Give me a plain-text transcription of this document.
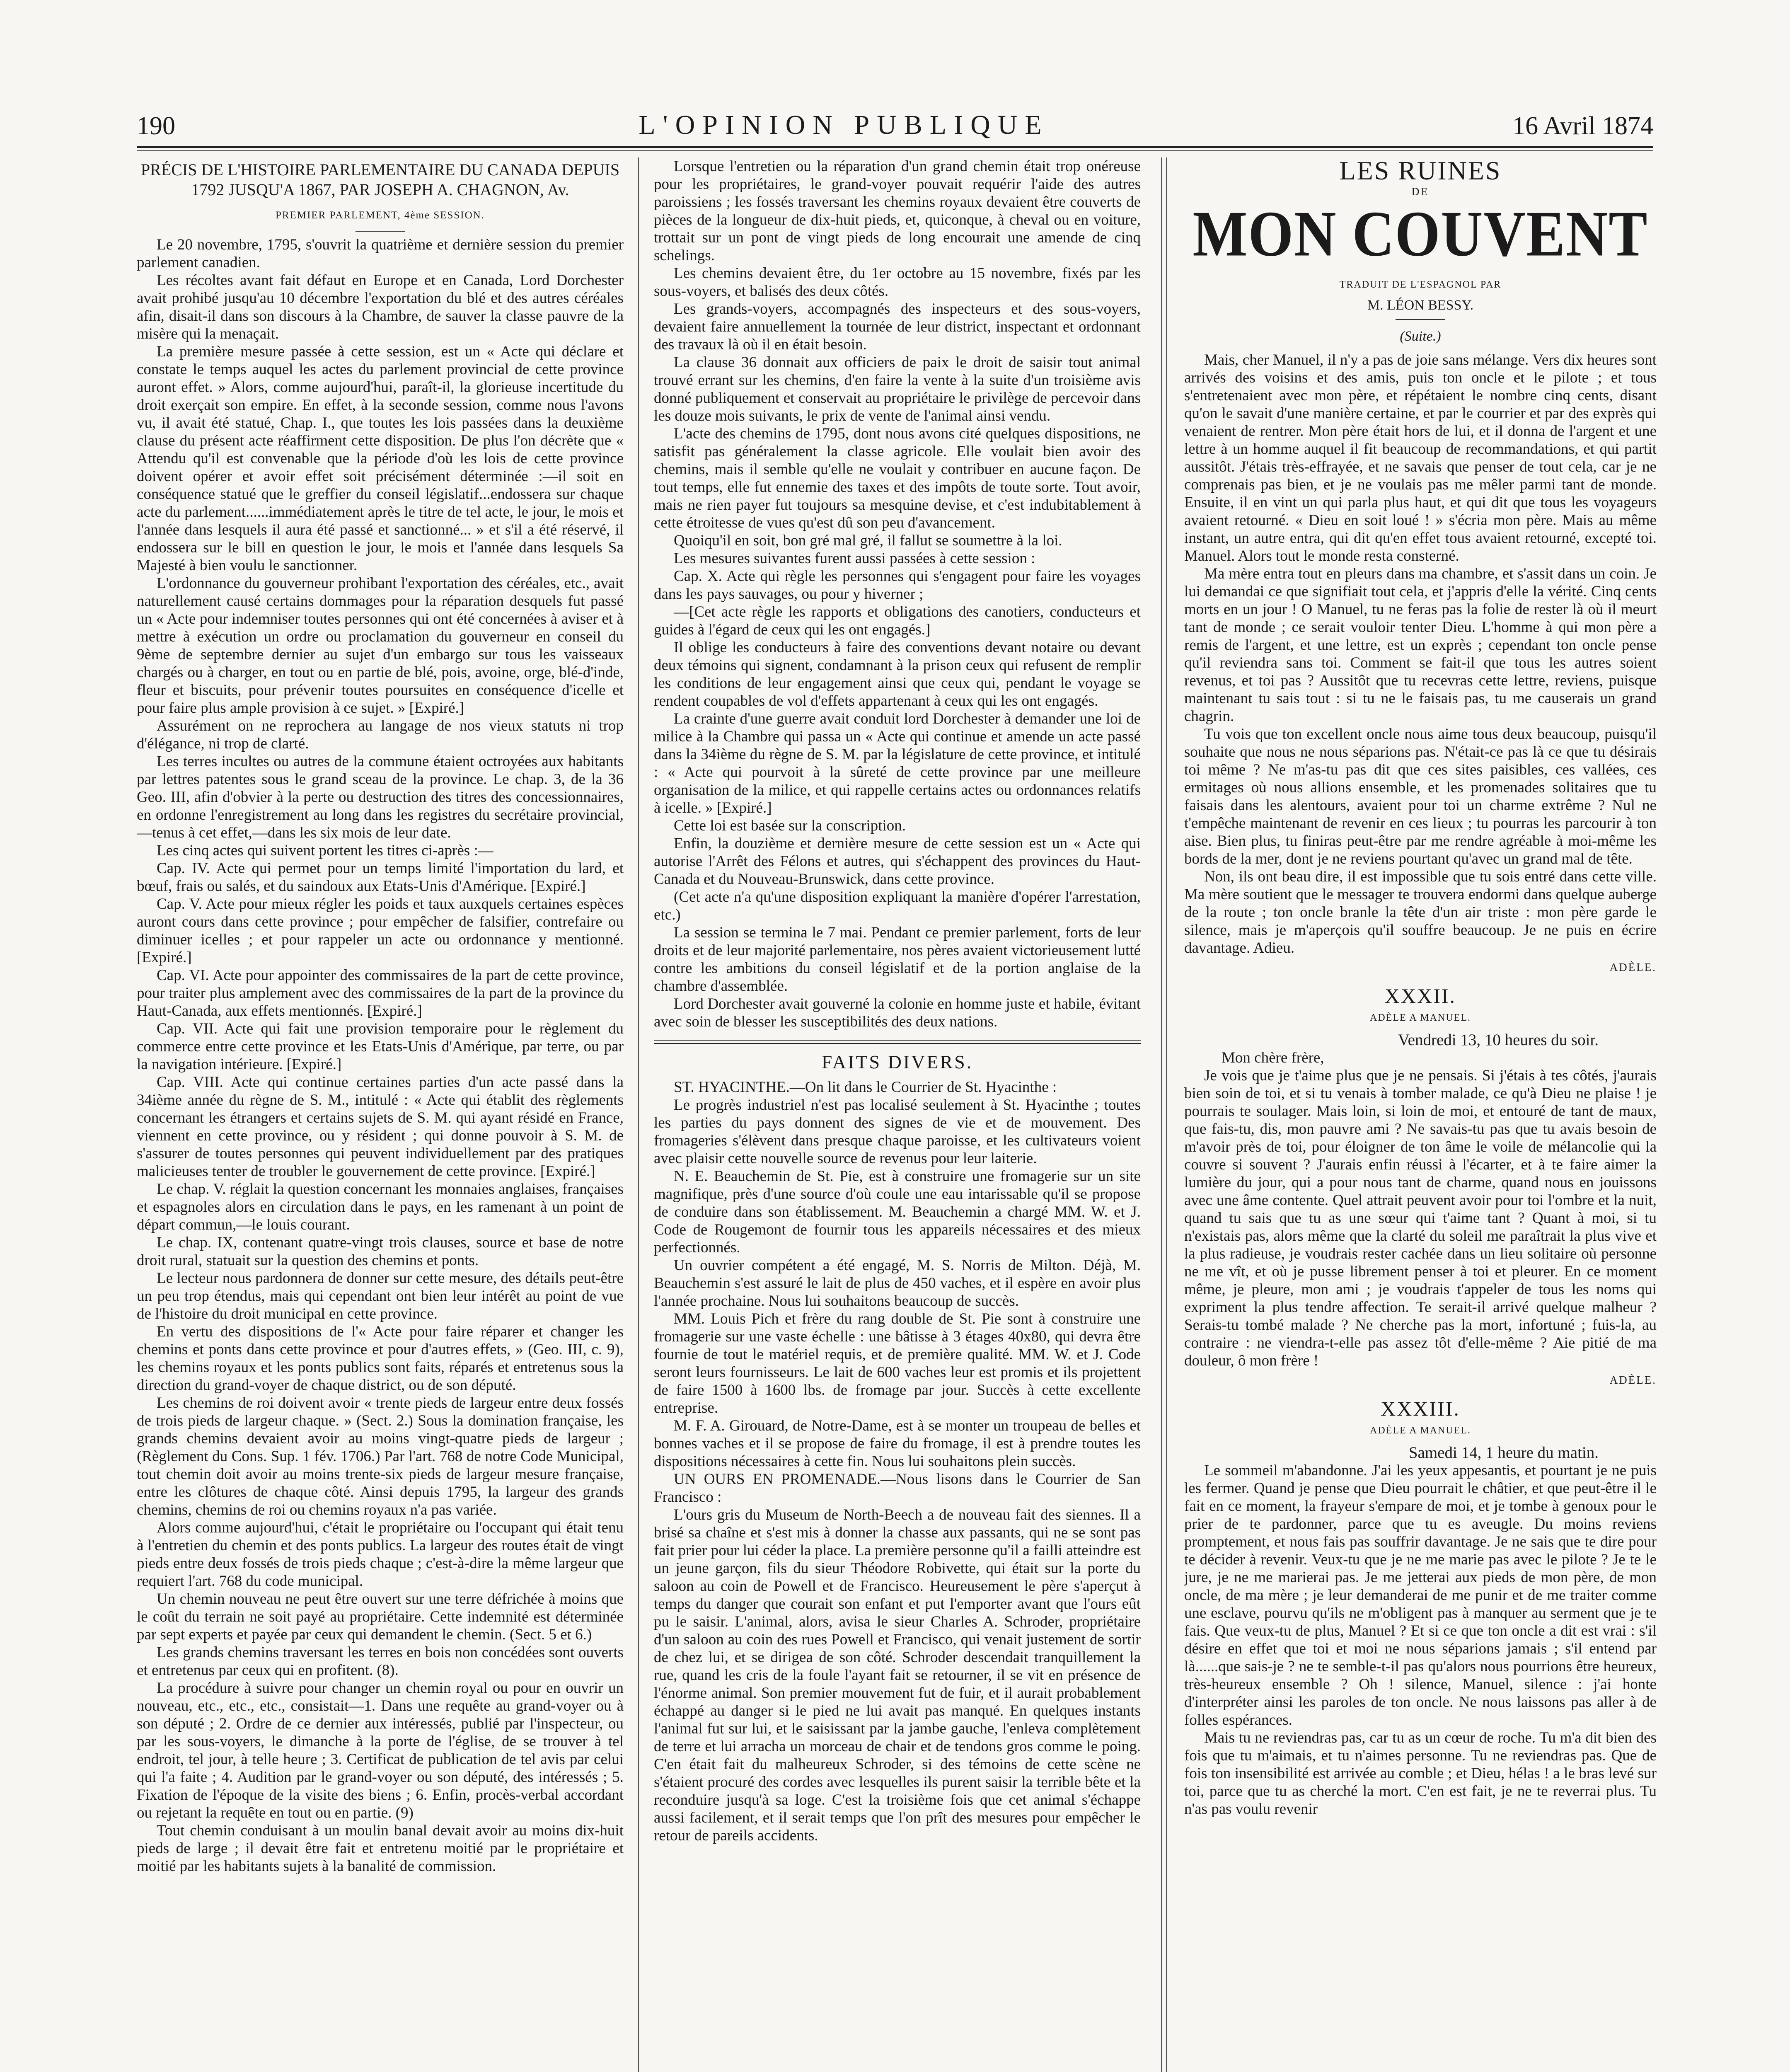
190	L'OPINION PUBLIQUE	16 Avril 1874
PRÉCIS DE L'HISTOIRE PARLEMENTAIRE DU CANADA DEPUIS 1792 JUSQU'A 1867, PAR JOSEPH A. CHAGNON, Av.
PREMIER PARLEMENT, 4ème SESSION.

Le 20 novembre, 1795, s'ouvrit la quatrième et dernière session du premier parlement canadien.

Les récoltes avant fait défaut en Europe et en Canada, Lord Dorchester avait prohibé jusqu'au 10 décembre l'exportation du blé et des autres céréales afin, disait-il dans son discours à la Chambre, de sauver la classe pauvre de la misère qui la menaçait.

La première mesure passée à cette session, est un « Acte qui déclare et constate le temps auquel les actes du parlement provincial de cette province auront effet. » Alors, comme aujourd'hui, paraît-il, la glorieuse incertitude du droit exerçait son empire. En effet, à la seconde session, comme nous l'avons vu, il avait été statué, Chap. I., que toutes les lois passées dans la deuxième clause du présent acte réaffirment cette disposition. De plus l'on décrète que « Attendu qu'il est convenable que la période d'où les lois de cette province doivent opérer et avoir effet soit précisément déterminée :—il soit en conséquence statué que le greffier du conseil législatif...endossera sur chaque acte du parlement......immédiatement après le titre de tel acte, le jour, le mois et l'année dans lesquels il aura été passé et sanctionné... » et s'il a été réservé, il endossera sur le bill en question le jour, le mois et l'année dans lesquels Sa Majesté à bien voulu le sanctionner.

L'ordonnance du gouverneur prohibant l'exportation des céréales, etc., avait naturellement causé certains dommages pour la réparation desquels fut passé un « Acte pour indemniser toutes personnes qui ont été concernées à aviser et à mettre à exécution un ordre ou proclamation du gouverneur en conseil du 9ème de septembre dernier au sujet d'un embargo sur tous les vaisseaux chargés ou à charger, en tout ou en partie de blé, pois, avoine, orge, blé-d'inde, fleur et biscuits, pour prévenir toutes poursuites en conséquence d'icelle et pour faire plus ample provision à ce sujet. » [Expiré.]

Assurément on ne reprochera au langage de nos vieux statuts ni trop d'élégance, ni trop de clarté.

Les terres incultes ou autres de la commune étaient octroyées aux habitants par lettres patentes sous le grand sceau de la province. Le chap. 3, de la 36 Geo. III, afin d'obvier à la perte ou destruction des titres des concessionnaires, en ordonne l'enregistrement au long dans les registres du secrétaire provincial,—tenus à cet effet,—dans les six mois de leur date.

Les cinq actes qui suivent portent les titres ci-après :—

Cap. IV. Acte qui permet pour un temps limité l'importation du lard, et bœuf, frais ou salés, et du saindoux aux Etats-Unis d'Amérique. [Expiré.]

Cap. V. Acte pour mieux régler les poids et taux auxquels certaines espèces auront cours dans cette province ; pour empêcher de falsifier, contrefaire ou diminuer icelles ; et pour rappeler un acte ou ordonnance y mentionné. [Expiré.]

Cap. VI. Acte pour appointer des commissaires de la part de cette province, pour traiter plus amplement avec des commissaires de la part de la province du Haut-Canada, aux effets mentionnés. [Expiré.]

Cap. VII. Acte qui fait une provision temporaire pour le règlement du commerce entre cette province et les Etats-Unis d'Amérique, par terre, ou par la navigation intérieure. [Expiré.]

Cap. VIII. Acte qui continue certaines parties d'un acte passé dans la 34ième année du règne de S. M., intitulé : « Acte qui établit des règlements concernant les étrangers et certains sujets de S. M. qui ayant résidé en France, viennent en cette province, ou y résident ; qui donne pouvoir à S. M. de s'assurer de toutes personnes qui peuvent individuellement par des pratiques malicieuses tenter de troubler le gouvernement de cette province. [Expiré.]

Le chap. V. réglait la question concernant les monnaies anglaises, françaises et espagnoles alors en circulation dans le pays, en les ramenant à un point de départ commun,—le louis courant.

Le chap. IX, contenant quatre-vingt trois clauses, source et base de notre droit rural, statuait sur la question des chemins et ponts.

Le lecteur nous pardonnera de donner sur cette mesure, des détails peut-être un peu trop étendus, mais qui cependant ont bien leur intérêt au point de vue de l'histoire du droit municipal en cette province.

En vertu des dispositions de l'« Acte pour faire réparer et changer les chemins et ponts dans cette province et pour d'autres effets, » (Geo. III, c. 9), les chemins royaux et les ponts publics sont faits, réparés et entretenus sous la direction du grand-voyer de chaque district, ou de son député.

Les chemins de roi doivent avoir « trente pieds de largeur entre deux fossés de trois pieds de largeur chaque. » (Sect. 2.) Sous la domination française, les grands chemins devaient avoir au moins vingt-quatre pieds de largeur ; (Règlement du Cons. Sup. 1 fév. 1706.) Par l'art. 768 de notre Code Municipal, tout chemin doit avoir au moins trente-six pieds de largeur mesure française, entre les clôtures de chaque côté. Ainsi depuis 1795, la largeur des grands chemins, chemins de roi ou chemins royaux n'a pas variée.

Alors comme aujourd'hui, c'était le propriétaire ou l'occupant qui était tenu à l'entretien du chemin et des ponts publics. La largeur des routes était de vingt pieds entre deux fossés de trois pieds chaque ; c'est-à-dire la même largeur que requiert l'art. 768 du code municipal.

Un chemin nouveau ne peut être ouvert sur une terre défrichée à moins que le coût du terrain ne soit payé au propriétaire. Cette indemnité est déterminée par sept experts et payée par ceux qui demandent le chemin. (Sect. 5 et 6.)

Les grands chemins traversant les terres en bois non concédées sont ouverts et entretenus par ceux qui en profitent. (8).

La procédure à suivre pour changer un chemin royal ou pour en ouvrir un nouveau, etc., etc., etc., consistait—1. Dans une requête au grand-voyer ou à son député ; 2. Ordre de ce dernier aux intéressés, publié par l'inspecteur, ou par les sous-voyers, le dimanche à la porte de l'église, de se trouver à tel endroit, tel jour, à telle heure ; 3. Certificat de publication de tel avis par celui qui l'a faite ; 4. Audition par le grand-voyer ou son député, des intéressés ; 5. Fixation de l'époque de la visite des biens ; 6. Enfin, procès-verbal accordant ou rejetant la requête en tout ou en partie. (9)

Tout chemin conduisant à un moulin banal devait avoir au moins dix-huit pieds de large ; il devait être fait et entretenu moitié par le propriétaire et moitié par les habitants sujets à la banalité de commission.

Lorsque l'entretien ou la réparation d'un grand chemin était trop onéreuse pour les propriétaires, le grand-voyer pouvait requérir l'aide des autres paroissiens ; les fossés traversant les chemins royaux devaient être couverts de pièces de la longueur de dix-huit pieds, et, quiconque, à cheval ou en voiture, trottait sur un pont de vingt pieds de long encourait une amende de cinq schelings.

Les chemins devaient être, du 1er octobre au 15 novembre, fixés par les sous-voyers, et balisés des deux côtés.

Les grands-voyers, accompagnés des inspecteurs et des sous-voyers, devaient faire annuellement la tournée de leur district, inspectant et ordonnant des travaux là où il en était besoin.

La clause 36 donnait aux officiers de paix le droit de saisir tout animal trouvé errant sur les chemins, d'en faire la vente à la suite d'un troisième avis donné publiquement et conservait au propriétaire le privilège de percevoir dans les douze mois suivants, le prix de vente de l'animal ainsi vendu.

L'acte des chemins de 1795, dont nous avons cité quelques dispositions, ne satisfit pas généralement la classe agricole. Elle voulait bien avoir des chemins, mais il semble qu'elle ne voulait y contribuer en aucune façon. De tout temps, elle fut ennemie des taxes et des impôts de toute sorte. Tout avoir, mais ne rien payer fut toujours sa mesquine devise, et c'est indubitablement à cette étroitesse de vues qu'est dû son peu d'avancement.

Quoiqu'il en soit, bon gré mal gré, il fallut se soumettre à la loi.

Les mesures suivantes furent aussi passées à cette session :

Cap. X. Acte qui règle les personnes qui s'engagent pour faire les voyages dans les pays sauvages, ou pour y hiverner ;

—[Cet acte règle les rapports et obligations des canotiers, conducteurs et guides à l'égard de ceux qui les ont engagés.]

Il oblige les conducteurs à faire des conventions devant notaire ou devant deux témoins qui signent, condamnant à la prison ceux qui refusent de remplir les conditions de leur engagement ainsi que ceux qui, pendant le voyage se rendent coupables de vol d'effets appartenant à ceux qui les ont engagés.

La crainte d'une guerre avait conduit lord Dorchester à demander une loi de milice à la Chambre qui passa un « Acte qui continue et amende un acte passé dans la 34ième du règne de S. M. par la législature de cette province, et intitulé : « Acte qui pourvoit à la sûreté de cette province par une meilleure organisation de la milice, et qui rappelle certains actes ou ordonnances relatifs à icelle. » [Expiré.]

Cette loi est basée sur la conscription.

Enfin, la douzième et dernière mesure de cette session est un « Acte qui autorise l'Arrêt des Félons et autres, qui s'échappent des provinces du Haut-Canada et du Nouveau-Brunswick, dans cette province.

(Cet acte n'a qu'une disposition expliquant la manière d'opérer l'arrestation, etc.)

La session se termina le 7 mai. Pendant ce premier parlement, forts de leur droits et de leur majorité parlementaire, nos pères avaient victorieusement lutté contre les ambitions du conseil législatif et de la portion anglaise de la chambre d'assemblée.

Lord Dorchester avait gouverné la colonie en homme juste et habile, évitant avec soin de blesser les susceptibilités des deux nations.

FAITS DIVERS.

ST. HYACINTHE.—On lit dans le Courrier de St. Hyacinthe :

Le progrès industriel n'est pas localisé seulement à St. Hyacinthe ; toutes les parties du pays donnent des signes de vie et de mouvement. Des fromageries s'élèvent dans presque chaque paroisse, et les cultivateurs voient avec plaisir cette nouvelle source de revenus pour leur laiterie.

N. E. Beauchemin de St. Pie, est à construire une fromagerie sur un site magnifique, près d'une source d'où coule une eau intarissable qu'il se propose de conduire dans son établissement. M. Beauchemin a chargé MM. W. et J. Code de Rougemont de fournir tous les appareils nécessaires et des mieux perfectionnés.

Un ouvrier compétent a été engagé, M. S. Norris de Milton. Déjà, M. Beauchemin s'est assuré le lait de plus de 450 vaches, et il espère en avoir plus l'année prochaine. Nous lui souhaitons beaucoup de succès.

MM. Louis Pich et frère du rang double de St. Pie sont à construire une fromagerie sur une vaste échelle : une bâtisse à 3 étages 40x80, qui devra être fournie de tout le matériel requis, et de première qualité. MM. W. et J. Code seront leurs fournisseurs. Le lait de 600 vaches leur est promis et ils projettent de faire 1500 à 1600 lbs. de fromage par jour. Succès à cette excellente entreprise.

M. F. A. Girouard, de Notre-Dame, est à se monter un troupeau de belles et bonnes vaches et il se propose de faire du fromage, il est à prendre toutes les dispositions nécessaires à cette fin. Nous lui souhaitons plein succès.

UN OURS EN PROMENADE.—Nous lisons dans le Courrier de San Francisco :

L'ours gris du Museum de North-Beech a de nouveau fait des siennes. Il a brisé sa chaîne et s'est mis à donner la chasse aux passants, qui ne se sont pas fait prier pour lui céder la place. La première personne qu'il a failli atteindre est un jeune garçon, fils du sieur Théodore Robivette, qui était sur la porte du saloon au coin de Powell et de Francisco. Heureusement le père s'aperçut à temps du danger que courait son enfant et put l'emporter avant que l'ours eût pu le saisir. L'animal, alors, avisa le sieur Charles A. Schroder, propriétaire d'un saloon au coin des rues Powell et Francisco, qui venait justement de sortir de chez lui, et se dirigea de son côté. Schroder descendait tranquillement la rue, quand les cris de la foule l'ayant fait se retourner, il se vit en présence de l'énorme animal. Son premier mouvement fut de fuir, et il aurait probablement échappé au danger si le pied ne lui avait pas manqué. En quelques instants l'animal fut sur lui, et le saisissant par la jambe gauche, l'enleva complètement de terre et lui arracha un morceau de chair et de tendons gros comme le poing. C'en était fait du malheureux Schroder, si des témoins de cette scène ne s'étaient procuré des cordes avec lesquelles ils purent saisir la terrible bête et la reconduire jusqu'à sa loge. C'est la troisième fois que cet animal s'échappe aussi facilement, et il serait temps que l'on prît des mesures pour empêcher le retour de pareils accidents.

LES RUINES
DE
MON COUVENT
TRADUIT DE L'ESPAGNOL PAR
M. LÉON BESSY.
(Suite.)

Mais, cher Manuel, il n'y a pas de joie sans mélange. Vers dix heures sont arrivés des voisins et des amis, puis ton oncle et le pilote ; et tous s'entretenaient avec mon père, et répétaient le nombre cinq cents, disant qu'on le savait d'une manière certaine, et par le courrier et par des exprès qui venaient de rentrer. Mon père était hors de lui, et il donna de l'argent et une lettre à un homme auquel il fit beaucoup de recommandations, et qui partit aussitôt. J'étais très-effrayée, et ne savais que penser de tout cela, car je ne comprenais pas bien, et je ne voulais pas me mêler parmi tant de monde. Ensuite, il en vint un qui parla plus haut, et qui dit que tous les voyageurs avaient retourné. « Dieu en soit loué ! » s'écria mon père. Mais au même instant, un autre entra, qui dit qu'en effet tous avaient retourné, excepté toi. Manuel. Alors tout le monde resta consterné.

Ma mère entra tout en pleurs dans ma chambre, et s'assit dans un coin. Je lui demandai ce que signifiait tout cela, et j'appris d'elle la vérité. Cinq cents morts en un jour ! O Manuel, tu ne feras pas la folie de rester là où il meurt tant de monde ; ce serait vouloir tenter Dieu. L'homme à qui mon père a remis de l'argent, et une lettre, est un exprès ; cependant ton oncle pense qu'il reviendra sans toi. Comment se fait-il que tous les autres soient revenus, et toi pas ? Aussitôt que tu recevras cette lettre, reviens, puisque maintenant tu sais tout : si tu ne le faisais pas, tu me causerais un grand chagrin.

Tu vois que ton excellent oncle nous aime tous deux beaucoup, puisqu'il souhaite que nous ne nous séparions pas. N'était-ce pas là ce que tu désirais toi même ? Ne m'as-tu pas dit que ces sites paisibles, ces vallées, ces ermitages où nous allions ensemble, et les promenades solitaires que tu faisais dans les alentours, avaient pour toi un charme extrême ? Nul ne t'empêche maintenant de revenir en ces lieux ; tu pourras les parcourir à ton aise. Bien plus, tu finiras peut-être par me rendre agréable à moi-même les bords de la mer, dont je ne reviens pourtant qu'avec un grand mal de tête.

Non, ils ont beau dire, il est impossible que tu sois entré dans cette ville. Ma mère soutient que le messager te trouvera endormi dans quelque auberge de la route ; ton oncle branle la tête d'un air triste : mon père garde le silence, mais je m'aperçois qu'il souffre beaucoup. Je ne puis en écrire davantage. Adieu.

ADÈLE.
XXXII.
ADÈLE A MANUEL.
Vendredi 13, 10 heures du soir.

Mon chère frère,

Je vois que je t'aime plus que je ne pensais. Si j'étais à tes côtés, j'aurais bien soin de toi, et si tu venais à tomber malade, ce qu'à Dieu ne plaise ! je pourrais te soulager. Mais loin, si loin de moi, et entouré de tant de maux, que fais-tu, dis, mon pauvre ami ? Ne savais-tu pas que tu avais besoin de m'avoir près de toi, pour éloigner de ton âme le voile de mélancolie qui la couvre si souvent ? J'aurais enfin réussi à l'écarter, et à te faire aimer la lumière du jour, qui a pour nous tant de charme, quand nous en jouissons avec une âme contente. Quel attrait peuvent avoir pour toi l'ombre et la nuit, quand tu sais que tu as une sœur qui t'aime tant ? Quant à moi, si tu n'existais pas, alors même que la clarté du soleil me paraîtrait la plus vive et la plus radieuse, je voudrais rester cachée dans un lieu solitaire où personne ne me vît, et où je pusse librement penser à toi et pleurer. En ce moment même, je pleure, mon ami ; je voudrais t'appeler de tous les noms qui expriment la plus tendre affection. Te serait-il arrivé quelque malheur ? Serais-tu tombé malade ? Ne cherche pas la mort, infortuné ; fuis-la, au contraire : ne viendra-t-elle pas assez tôt d'elle-même ? Aie pitié de ma douleur, ô mon frère !

ADÈLE.
XXXIII.
ADÈLE A MANUEL.
Samedi 14, 1 heure du matin.

Le sommeil m'abandonne. J'ai les yeux appesantis, et pourtant je ne puis les fermer. Quand je pense que Dieu pourrait le châtier, et que peut-être il le fait en ce moment, la frayeur s'empare de moi, et je tombe à genoux pour le prier de te pardonner, parce que tu es aveugle. Du moins reviens promptement, et nous fais pas souffrir davantage. Je ne sais que te dire pour te décider à revenir. Veux-tu que je ne me marie pas avec le pilote ? Je te le jure, je ne me marierai pas. Je me jetterai aux pieds de mon père, de mon oncle, de ma mère ; je leur demanderai de me punir et de me traiter comme une esclave, pourvu qu'ils ne m'obligent pas à manquer au serment que je te fais. Que veux-tu de plus, Manuel ? Et si ce que ton oncle a dit est vrai : s'il désire en effet que toi et moi ne nous séparions jamais ; s'il entend par là......que sais-je ? ne te semble-t-il pas qu'alors nous pourrions être heureux, très-heureux ensemble ? Oh ! silence, Manuel, silence : j'ai honte d'interpréter ainsi les paroles de ton oncle. Ne nous laissons pas aller à de folles espérances.

Mais tu ne reviendras pas, car tu as un cœur de roche. Tu m'a dit bien des fois que tu m'aimais, et tu n'aimes personne. Tu ne reviendras pas. Que de fois ton insensibilité est arrivée au comble ; et Dieu, hélas ! a le bras levé sur toi, parce que tu as cherché la mort. C'en est fait, je ne te reverrai plus. Tu n'as pas voulu revenir
